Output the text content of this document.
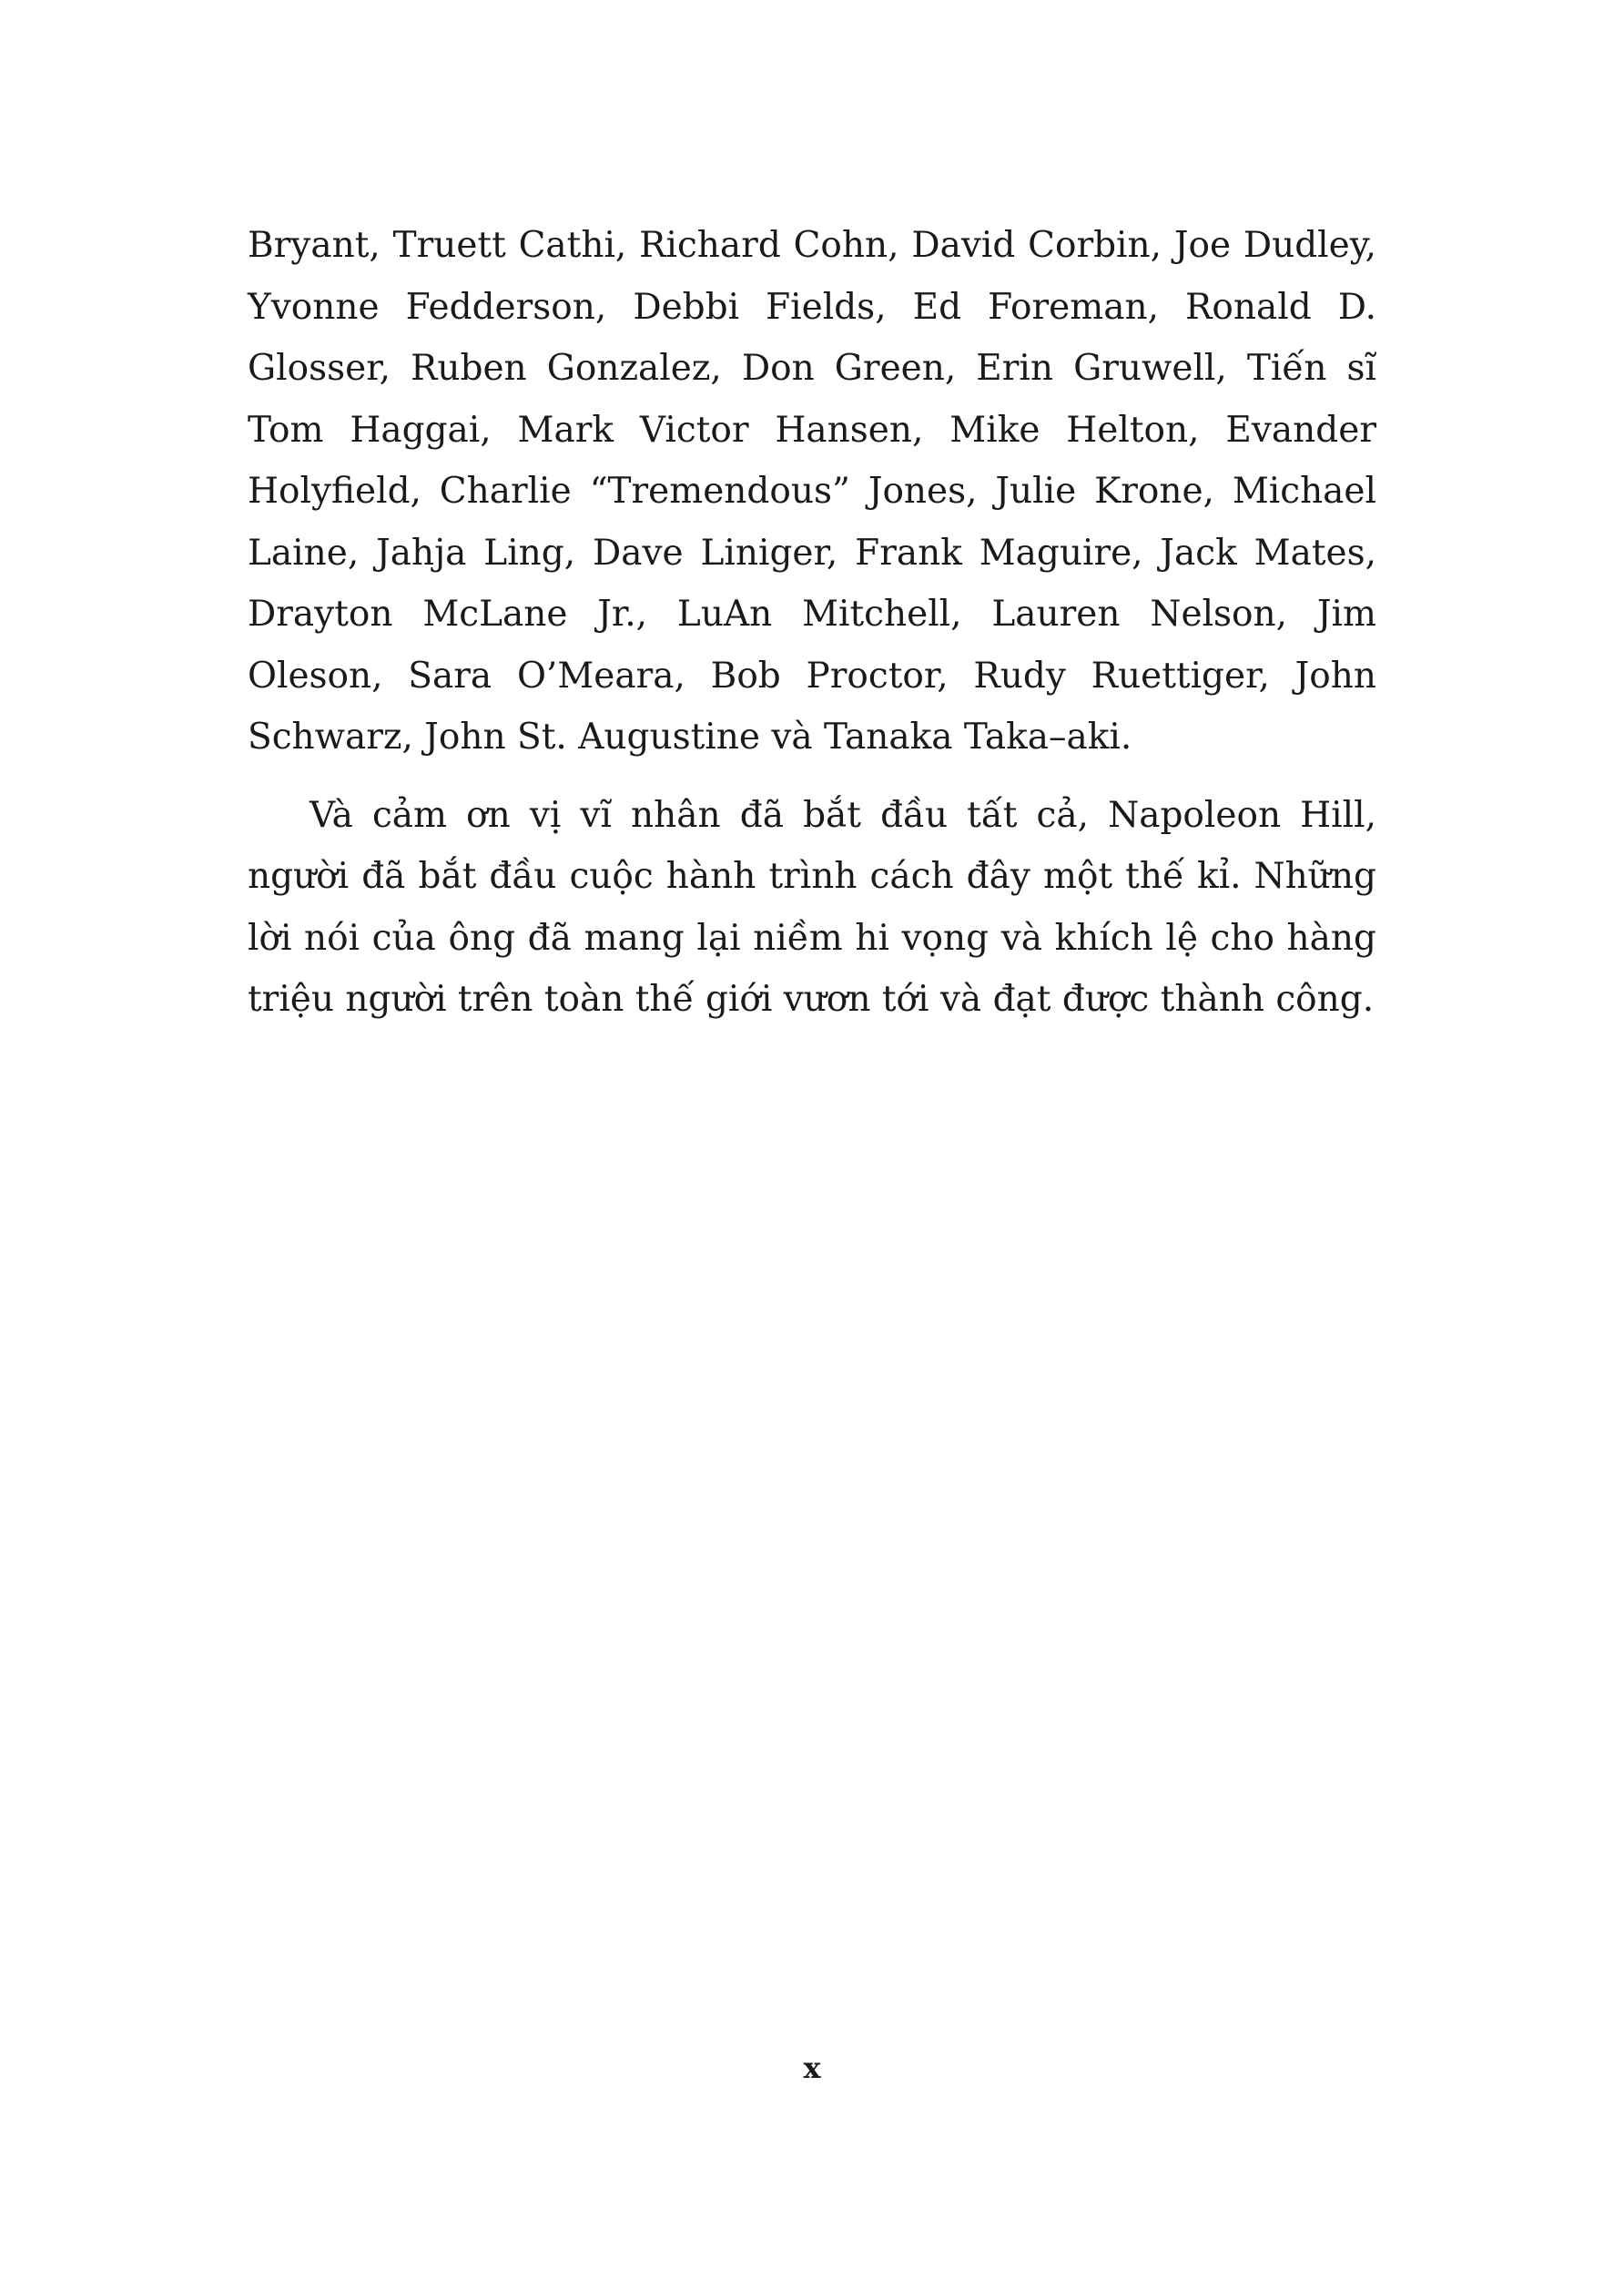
Bryant, Truett Cathi, Richard Cohn, David Corbin, Joe Dudley, Yvonne Fedderson, Debbi Fields, Ed Foreman, Ronald D. Glosser, Ruben Gonzalez, Don Green, Erin Gruwell, Tiến sĩ Tom Haggai, Mark Victor Hansen, Mike Helton, Evander Holyfield, Charlie “Tremendous” Jones, Julie Krone, Michael Laine, Jahja Ling, Dave Liniger, Frank Maguire, Jack Mates, Drayton McLane Jr., LuAn Mitchell, Lauren Nelson, Jim Oleson, Sara O’Meara, Bob Proctor, Rudy Ruettiger, John Schwarz, John St. Augustine và Tanaka Taka–aki.

Và cảm ơn vị vĩ nhân đã bắt đầu tất cả, Napoleon Hill, người đã bắt đầu cuộc hành trình cách đây một thế kỉ. Những lời nói của ông đã mang lại niềm hi vọng và khích lệ cho hàng triệu người trên toàn thế giới vươn tới và đạt được thành công.

x
